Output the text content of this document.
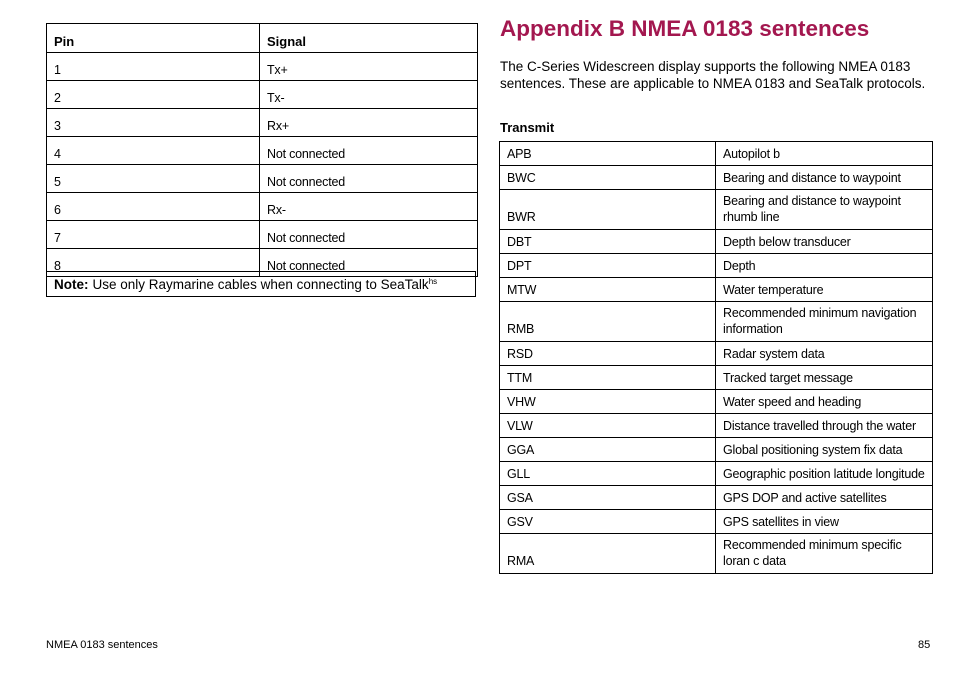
Pin	Signal
1	Tx+
2	Tx-
3	Rx+
4	Not connected
5	Not connected
6	Rx-
7	Not connected
8	Not connected
Note: Use only Raymarine cables when connecting to SeaTalk$^{hs}$
Appendix B NMEA 0183 sentences

The C-Series Widescreen display supports the following NMEA 0183 sentences. These are applicable to NMEA 0183 and SeaTalk protocols.

Transmit
APB	Autopilot b
BWC	Bearing and distance to waypoint
BWR	Bearing and distance to waypoint rhumb line
DBT	Depth below transducer
DPT	Depth
MTW	Water temperature
RMB	Recommended minimum navigation information
RSD	Radar system data
TTM	Tracked target message
VHW	Water speed and heading
VLW	Distance travelled through the water
GGA	Global positioning system fix data
GLL	Geographic position latitude longitude
GSA	GPS DOP and active satellites
GSV	GPS satellites in view
RMA	Recommended minimum specific loran c data
NMEA 0183 sentences	85
